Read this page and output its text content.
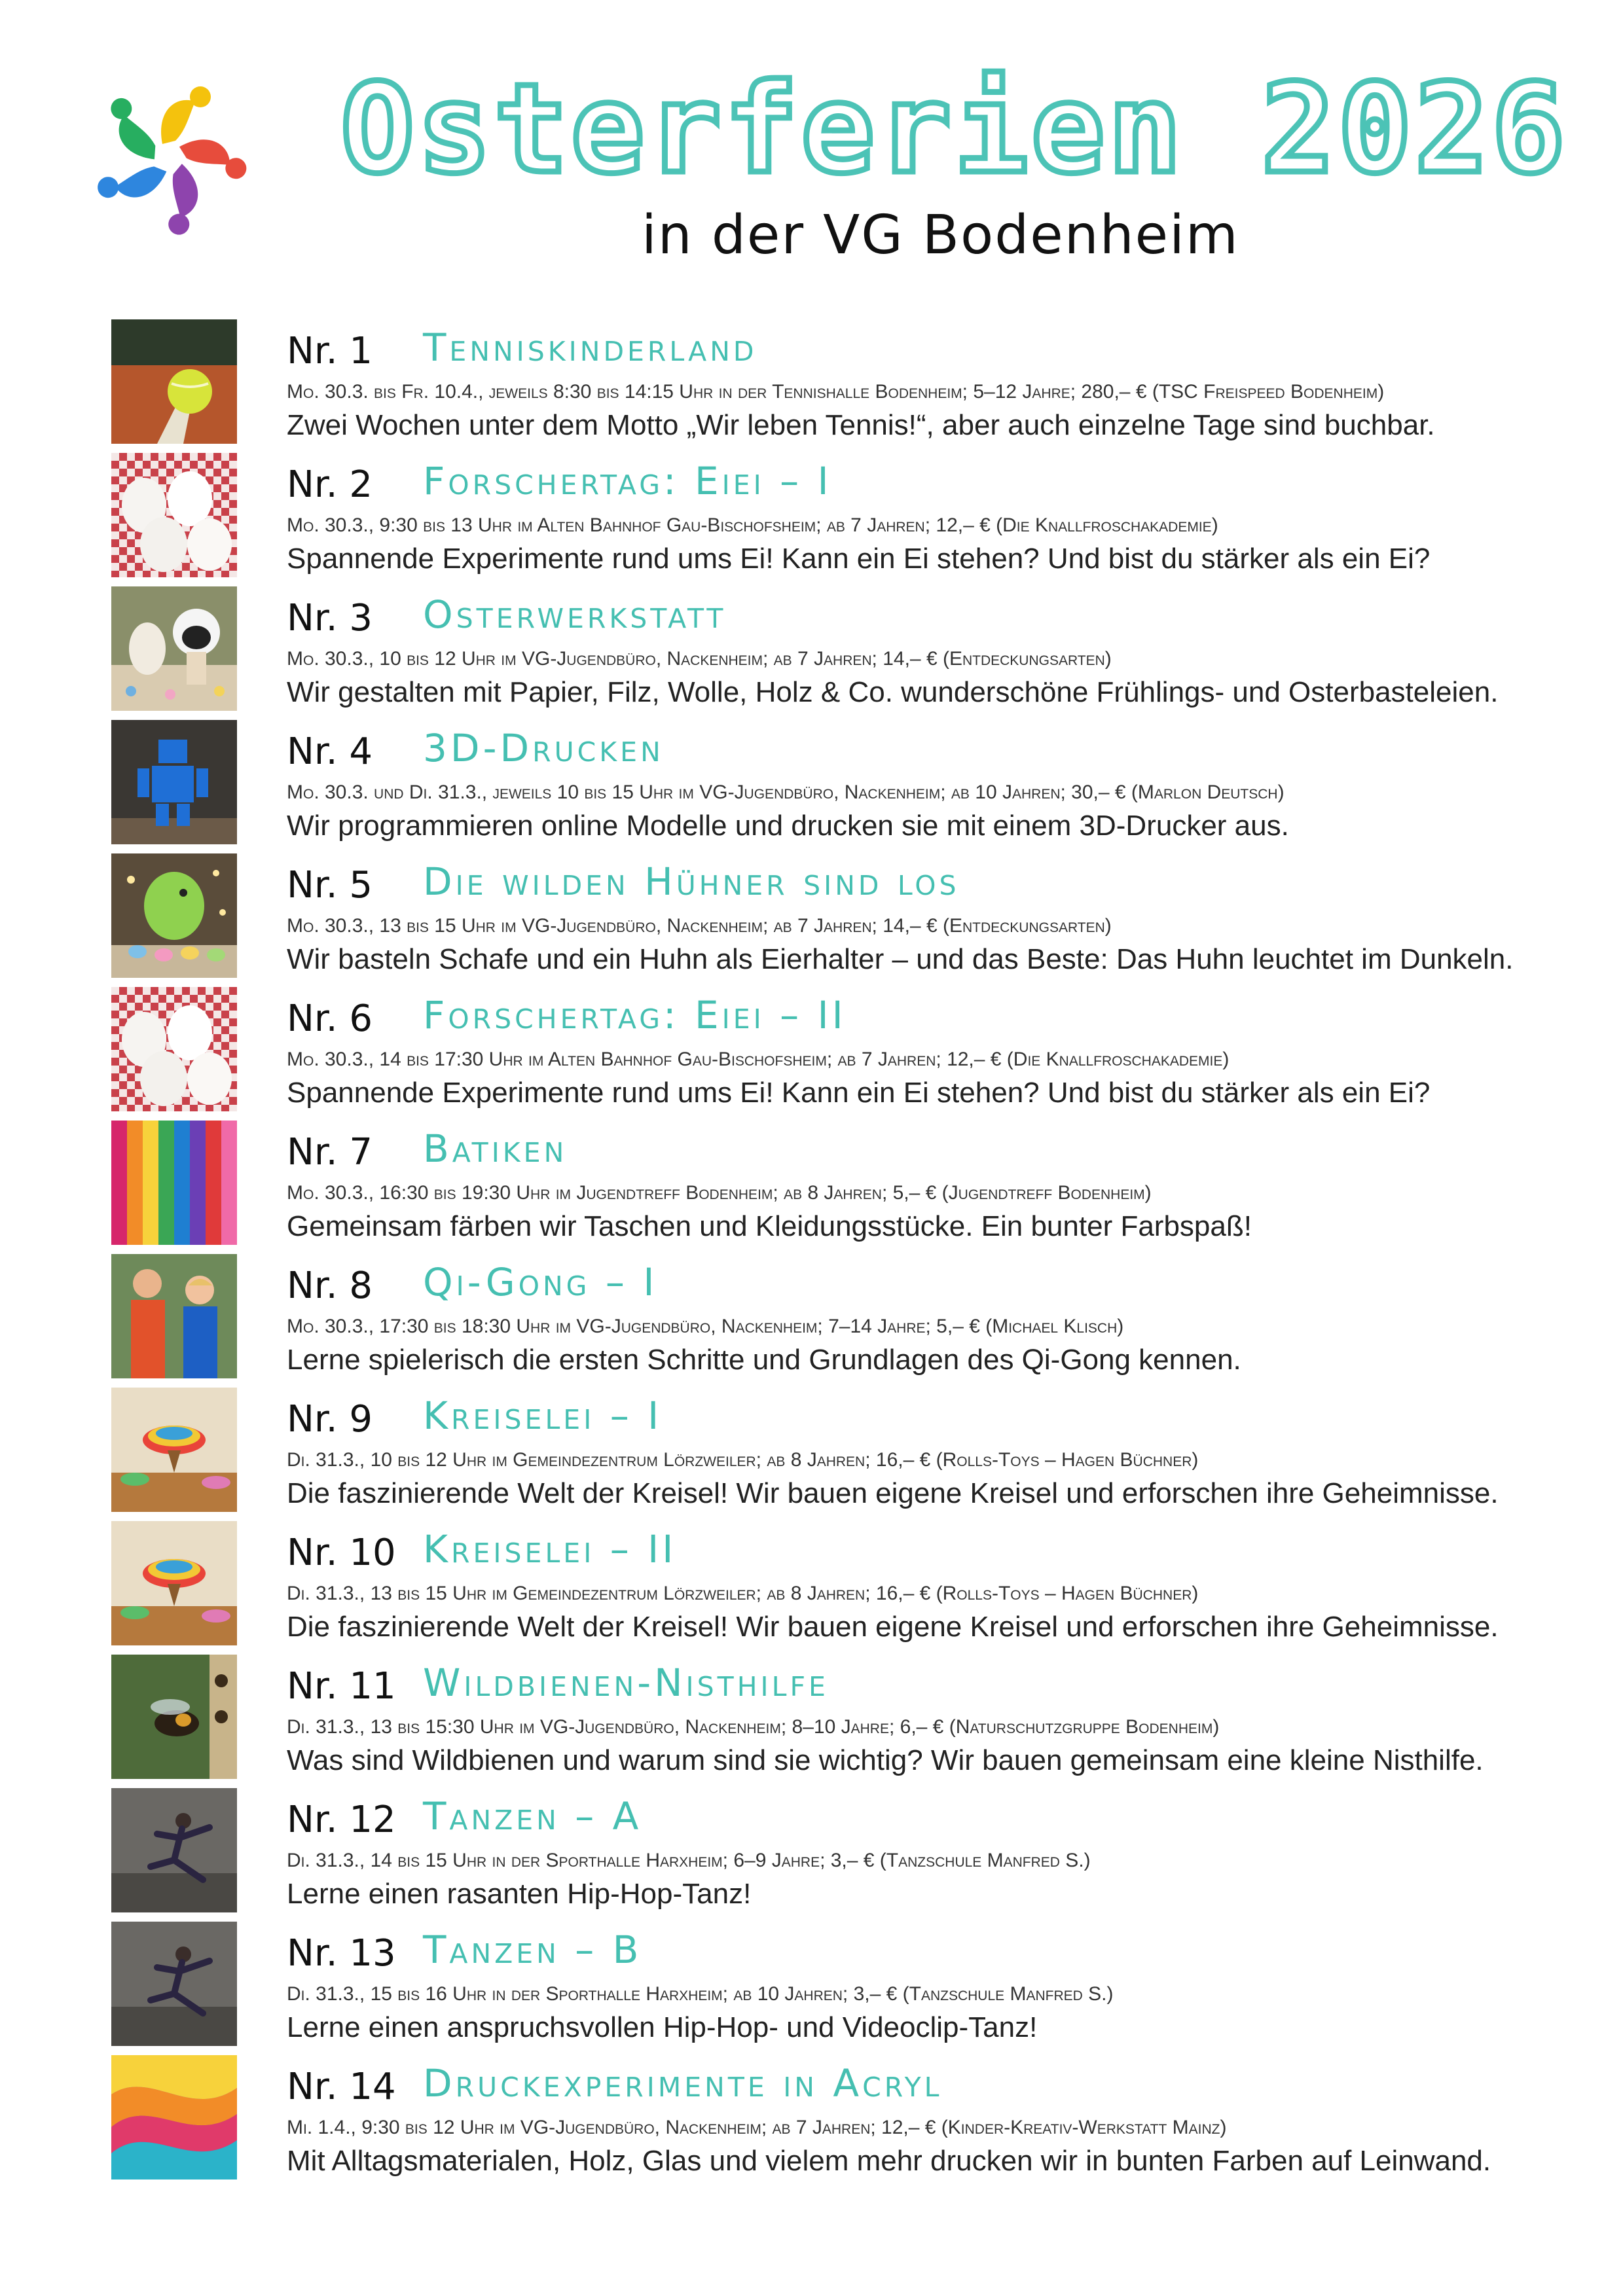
Osterferien 2026
in der VG Bodenheim
Nr. 1	Tenniskinderland
Mo. 30.3. bis Fr. 10.4., jeweils 8:30 bis 14:15 Uhr in der Tennishalle Bodenheim; 5–12 Jahre; 280,– € (TSC Freispeed Bodenheim)
Zwei Wochen unter dem Motto „Wir leben Tennis!“, aber auch einzelne Tage sind buchbar.
Nr. 2	Forschertag: Eiei – I
Mo. 30.3., 9:30 bis 13 Uhr im Alten Bahnhof Gau-Bischofsheim; ab 7 Jahren; 12,– € (Die Knallfroschakademie)
Spannende Experimente rund ums Ei! Kann ein Ei stehen? Und bist du stärker als ein Ei?
Nr. 3	Osterwerkstatt
Mo. 30.3., 10 bis 12 Uhr im VG-Jugendbüro, Nackenheim; ab 7 Jahren; 14,– € (Entdeckungsarten)
Wir gestalten mit Papier, Filz, Wolle, Holz & Co. wunderschöne Frühlings- und Osterbasteleien.
Nr. 4	3D-Drucken
Mo. 30.3. und Di. 31.3., jeweils 10 bis 15 Uhr im VG-Jugendbüro, Nackenheim; ab 10 Jahren; 30,– € (Marlon Deutsch)
Wir programmieren online Modelle und drucken sie mit einem 3D-Drucker aus.
Nr. 5	Die wilden Hühner sind los
Mo. 30.3., 13 bis 15 Uhr im VG-Jugendbüro, Nackenheim; ab 7 Jahren; 14,– € (Entdeckungsarten)
Wir basteln Schafe und ein Huhn als Eierhalter – und das Beste: Das Huhn leuchtet im Dunkeln.
Nr. 6	Forschertag: Eiei – II
Mo. 30.3., 14 bis 17:30 Uhr im Alten Bahnhof Gau-Bischofsheim; ab 7 Jahren; 12,– € (Die Knallfroschakademie)
Spannende Experimente rund ums Ei! Kann ein Ei stehen? Und bist du stärker als ein Ei?
Nr. 7	Batiken
Mo. 30.3., 16:30 bis 19:30 Uhr im Jugendtreff Bodenheim; ab 8 Jahren; 5,– € (Jugendtreff Bodenheim)
Gemeinsam färben wir Taschen und Kleidungsstücke. Ein bunter Farbspaß!
Nr. 8	Qi-Gong – I
Mo. 30.3., 17:30 bis 18:30 Uhr im VG-Jugendbüro, Nackenheim; 7–14 Jahre; 5,– € (Michael Klisch)
Lerne spielerisch die ersten Schritte und Grundlagen des Qi-Gong kennen.
Nr. 9	Kreiselei – I
Di. 31.3., 10 bis 12 Uhr im Gemeindezentrum Lörzweiler; ab 8 Jahren; 16,– € (Rolls-Toys – Hagen Büchner)
Die faszinierende Welt der Kreisel! Wir bauen eigene Kreisel und erforschen ihre Geheimnisse.
Nr. 10 Kreiselei – II
Di. 31.3., 13 bis 15 Uhr im Gemeindezentrum Lörzweiler; ab 8 Jahren; 16,– € (Rolls-Toys – Hagen Büchner)
Die faszinierende Welt der Kreisel! Wir bauen eigene Kreisel und erforschen ihre Geheimnisse.
Nr. 11 Wildbienen-Nisthilfe
Di. 31.3., 13 bis 15:30 Uhr im VG-Jugendbüro, Nackenheim; 8–10 Jahre; 6,– € (Naturschutzgruppe Bodenheim)
Was sind Wildbienen und warum sind sie wichtig? Wir bauen gemeinsam eine kleine Nisthilfe.
Nr. 12 Tanzen – A
Di. 31.3., 14 bis 15 Uhr in der Sporthalle Harxheim; 6–9 Jahre; 3,– € (Tanzschule Manfred S.)
Lerne einen rasanten Hip-Hop-Tanz!
Nr. 13 Tanzen – B
Di. 31.3., 15 bis 16 Uhr in der Sporthalle Harxheim; ab 10 Jahren; 3,– € (Tanzschule Manfred S.)
Lerne einen anspruchsvollen Hip-Hop- und Videoclip-Tanz!
Nr. 14 Druckexperimente in Acryl
Mi. 1.4., 9:30 bis 12 Uhr im VG-Jugendbüro, Nackenheim; ab 7 Jahren; 12,– € (Kinder-Kreativ-Werkstatt Mainz)
Mit Alltagsmaterialen, Holz, Glas und vielem mehr drucken wir in bunten Farben auf Leinwand.
